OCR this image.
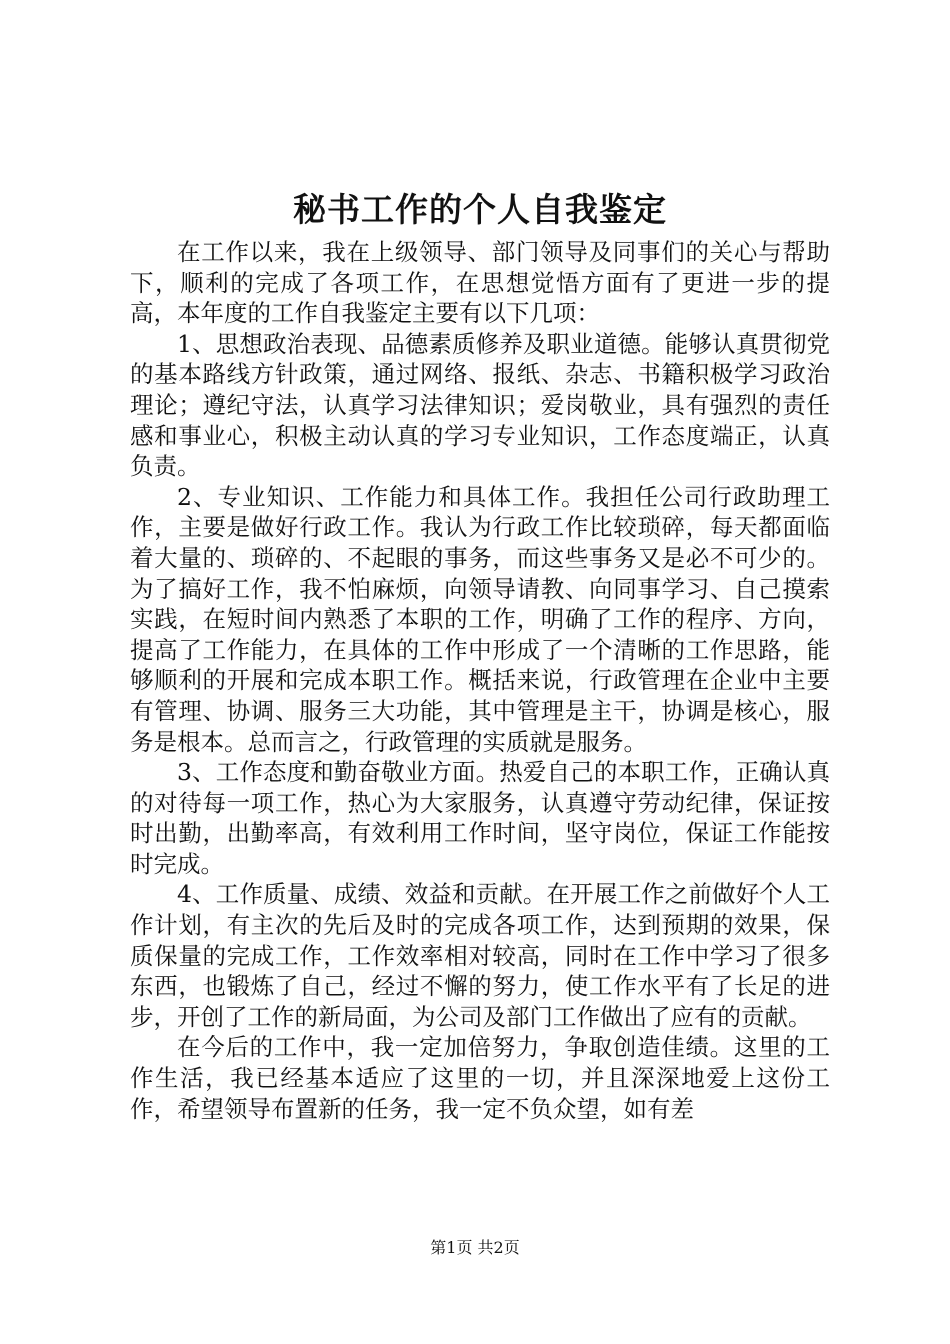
秘书工作的个人自我鉴定

在工作以来，我在上级领导、部门领导及同事们的关心与帮助下，顺利的完成了各项工作，在思想觉悟方面有了更进一步的提高，本年度的工作自我鉴定主要有以下几项：

1、思想政治表现、品德素质修养及职业道德。能够认真贯彻党的基本路线方针政策，通过网络、报纸、杂志、书籍积极学习政治理论；遵纪守法，认真学习法律知识；爱岗敬业，具有强烈的责任感和事业心，积极主动认真的学习专业知识，工作态度端正，认真负责。

2、专业知识、工作能力和具体工作。我担任公司行政助理工作，主要是做好行政工作。我认为行政工作比较琐碎，每天都面临着大量的、琐碎的、不起眼的事务，而这些事务又是必不可少的。为了搞好工作，我不怕麻烦，向领导请教、向同事学习、自己摸索实践，在短时间内熟悉了本职的工作，明确了工作的程序、方向，提高了工作能力，在具体的工作中形成了一个清晰的工作思路，能够顺利的开展和完成本职工作。概括来说，行政管理在企业中主要有管理、协调、服务三大功能，其中管理是主干，协调是核心，服务是根本。总而言之，行政管理的实质就是服务。

3、工作态度和勤奋敬业方面。热爱自己的本职工作，正确认真的对待每一项工作，热心为大家服务，认真遵守劳动纪律，保证按时出勤，出勤率高，有效利用工作时间，坚守岗位，保证工作能按时完成。

4、工作质量、成绩、效益和贡献。在开展工作之前做好个人工作计划，有主次的先后及时的完成各项工作，达到预期的效果，保质保量的完成工作，工作效率相对较高，同时在工作中学习了很多东西，也锻炼了自己，经过不懈的努力，使工作水平有了长足的进步，开创了工作的新局面，为公司及部门工作做出了应有的贡献。

在今后的工作中，我一定加倍努力，争取创造佳绩。这里的工作生活，我已经基本适应了这里的一切，并且深深地爱上这份工作，希望领导布置新的任务，我一定不负众望，如有差

第1页 共2页
